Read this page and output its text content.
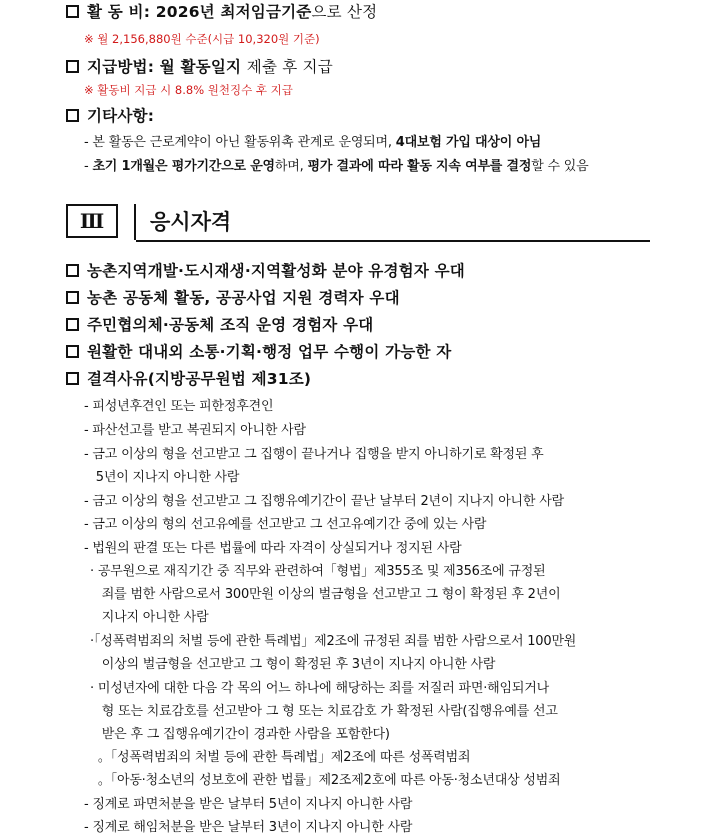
활 동 비: 2026년 최저임금기준으로 산정
※ 월 2,156,880원 수준(시급 10,320원 기준)
지급방법: 월 활동일지 제출 후 지급
※ 활동비 지급 시 8.8% 원천징수 후 지급
기타사항:
- 본 활동은 근로계약이 아닌 활동위촉 관계로 운영되며, 4대보험 가입 대상이 아님
- 초기 1개월은 평가기간으로 운영하며, 평가 결과에 따라 활동 지속 여부를 결정할 수 있음
Ⅲ	응시자격
농촌지역개발·도시재생·지역활성화 분야 유경험자 우대
농촌 공동체 활동, 공공사업 지원 경력자 우대
주민협의체·공동체 조직 운영 경험자 우대
원활한 대내외 소통·기획·행정 업무 수행이 가능한 자
결격사유(지방공무원법 제31조)
- 피성년후견인 또는 피한정후견인
- 파산선고를 받고 복권되지 아니한 사람
- 금고 이상의 형을 선고받고 그 집행이 끝나거나 집행을 받지 아니하기로 확정된 후
5년이 지나지 아니한 사람
- 금고 이상의 형을 선고받고 그 집행유예기간이 끝난 날부터 2년이 지나지 아니한 사람
- 금고 이상의 형의 선고유예를 선고받고 그 선고유예기간 중에 있는 사람
- 법원의 판결 또는 다른 법률에 따라 자격이 상실되거나 정지된 사람
· 공무원으로 재직기간 중 직무와 관련하여「형법」제355조 및 제356조에 규정된
죄를 범한 사람으로서 300만원 이상의 벌금형을 선고받고 그 형이 확정된 후 2년이
지나지 아니한 사람
·「성폭력범죄의 처벌 등에 관한 특례법」제2조에 규정된 죄를 범한 사람으로서 100만원
이상의 벌금형을 선고받고 그 형이 확정된 후 3년이 지나지 아니한 사람
· 미성년자에 대한 다음 각 목의 어느 하나에 해당하는 죄를 저질러 파면·해임되거나
형 또는 치료감호를 선고받아 그 형 또는 치료감호 가 확정된 사람(집행유예를 선고
받은 후 그 집행유예기간이 경과한 사람을 포함한다)
。「성폭력범죄의 처벌 등에 관한 특례법」제2조에 따른 성폭력범죄
。「아동·청소년의 성보호에 관한 법률」제2조제2호에 따른 아동·청소년대상 성범죄
- 징계로 파면처분을 받은 날부터 5년이 지나지 아니한 사람
- 징계로 해임처분을 받은 날부터 3년이 지나지 아니한 사람
